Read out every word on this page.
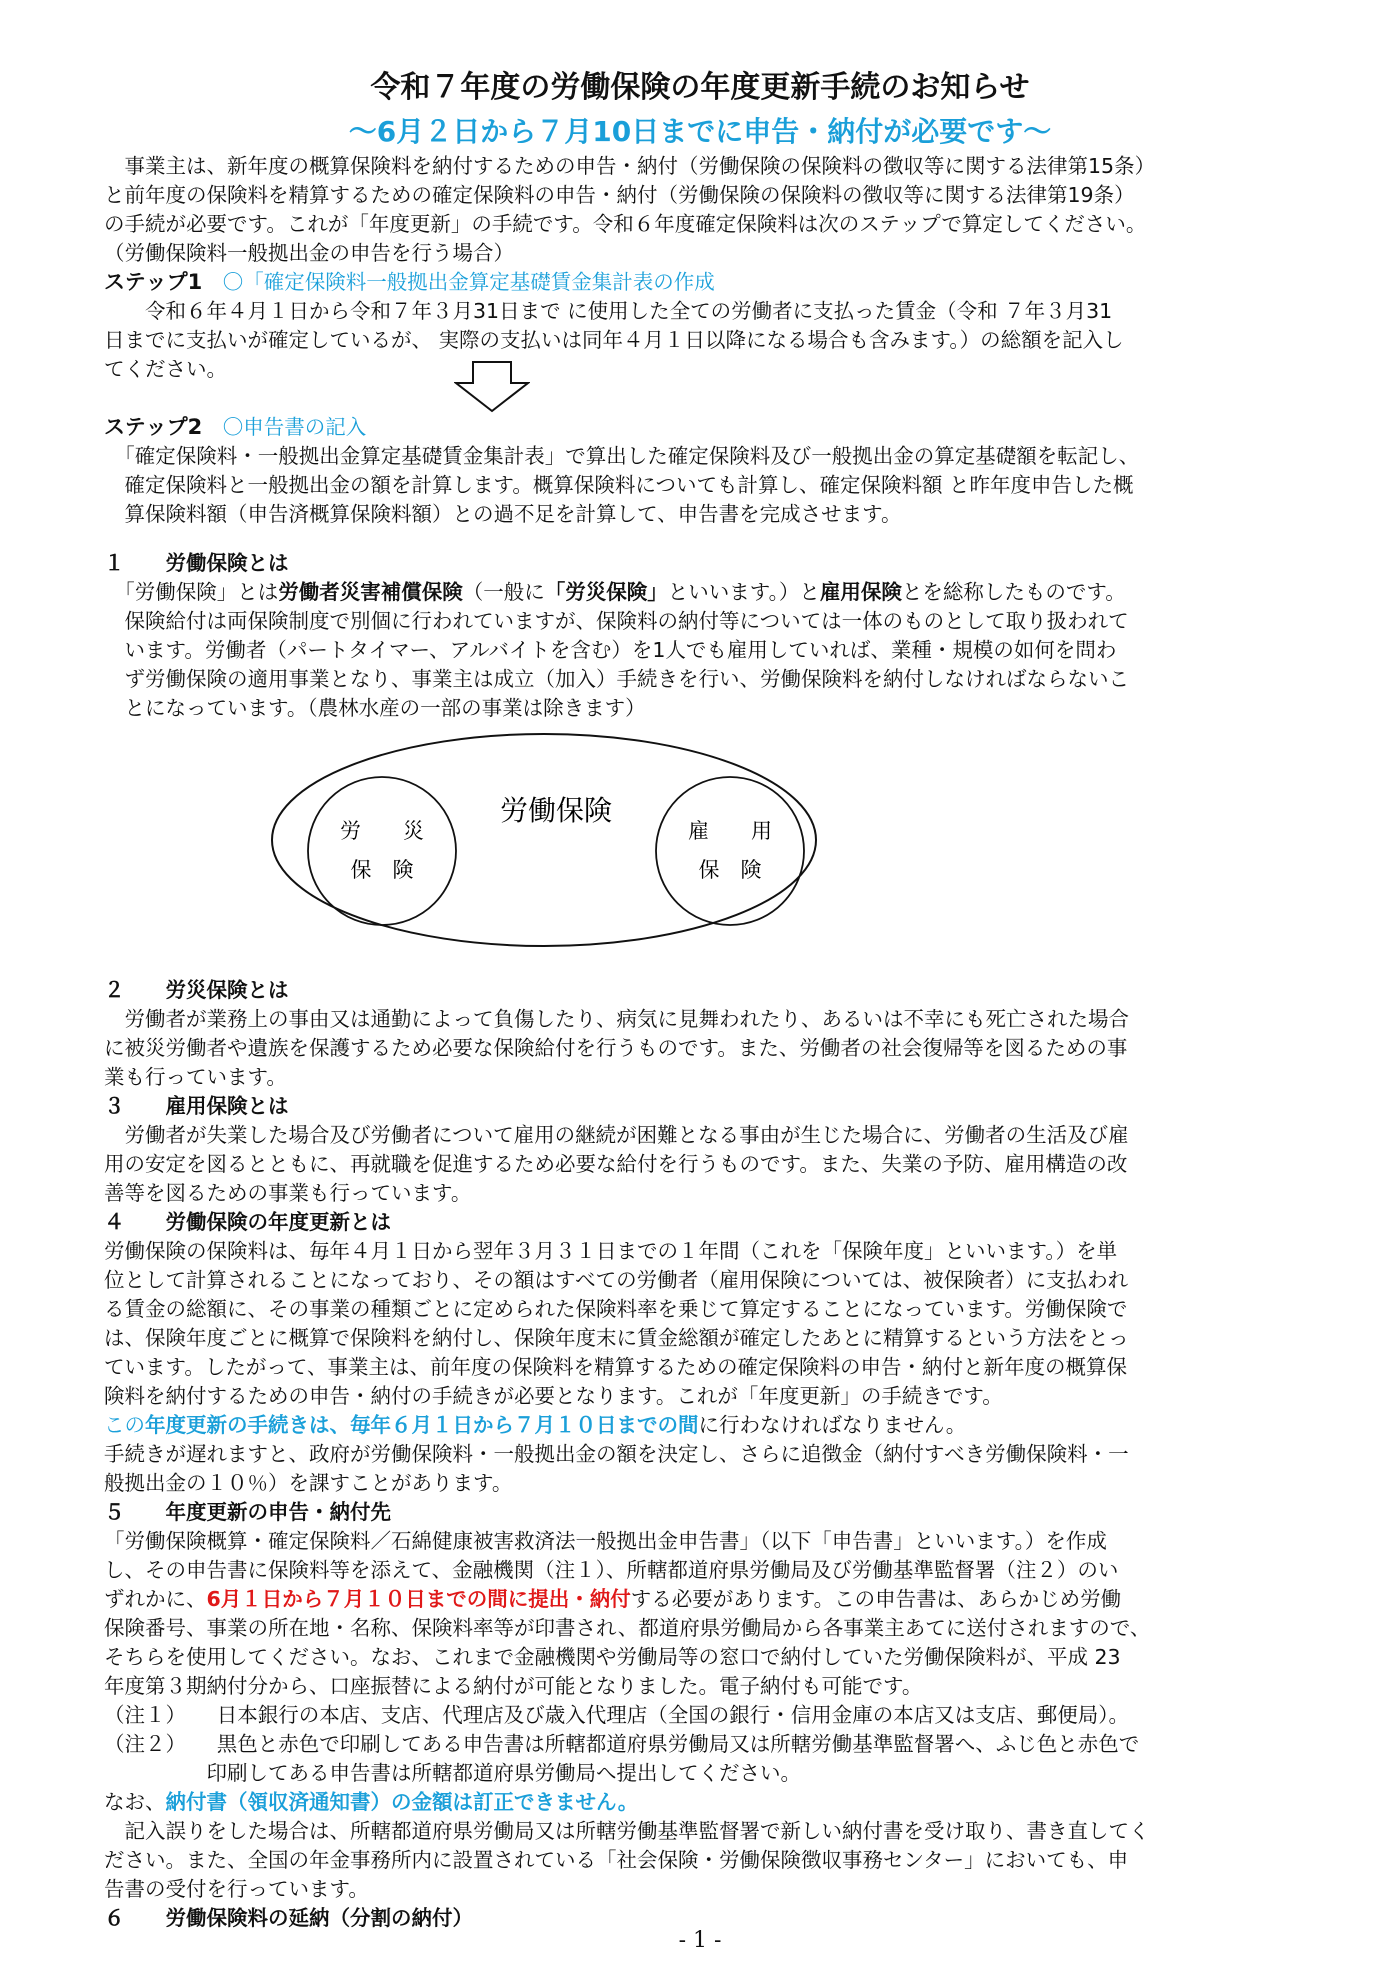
令和７年度の労働保険の年度更新手続のお知らせ
～6月２日から７月10日までに申告・納付が必要です～

　事業主は、新年度の概算保険料を納付するための申告・納付（労働保険の保険料の徴収等に関する法律第15条）

と前年度の保険料を精算するための確定保険料の申告・納付（労働保険の保険料の徴収等に関する法律第19条）

の手続が必要です。これが「年度更新」の手続です。令和６年度確定保険料は次のステップで算定してください。

（労働保険料一般拠出金の申告を行う場合）

ステップ1　 〇「確定保険料一般拠出金算定基礎賃金集計表の作成

　　令和６年４月１日から令和７年３月31日まで に使用した全ての労働者に支払った賃金（令和 ７年３月31

日までに支払いが確定しているが、 実際の支払いは同年４月１日以降になる場合も含みます。）の総額を記入し

てください。

ステップ2　 〇申告書の記入

　「確定保険料・一般拠出金算定基礎賃金集計表」で算出した確定保険料及び一般拠出金の算定基礎額を転記し、

　確定保険料と一般拠出金の額を計算します。概算保険料についても計算し、確定保険料額 と昨年度申告した概

　算保険料額（申告済概算保険料額）との過不足を計算して、申告書を完成させます。

１　　労働保険とは

　「労働保険」とは労働者災害補償保険（一般に「労災保険」といいます。）と雇用保険とを総称したものです。

　保険給付は両保険制度で別個に行われていますが、保険料の納付等については一体のものとして取り扱われて

　います。労働者（パートタイマー、アルバイトを含む）を1人でも雇用していれば、業種・規模の如何を問わ

　ず労働保険の適用事業となり、事業主は成立（加入）手続きを行い、労働保険料を納付しなければならないこ

　とになっています。（農林水産の一部の事業は除きます）

労働保険
労　　災
保　険
雇　　用
保　険

２　　労災保険とは

　労働者が業務上の事由又は通勤によって負傷したり、病気に見舞われたり、あるいは不幸にも死亡された場合

に被災労働者や遺族を保護するため必要な保険給付を行うものです。また、労働者の社会復帰等を図るための事

業も行っています。

３　　雇用保険とは

　労働者が失業した場合及び労働者について雇用の継続が困難となる事由が生じた場合に、労働者の生活及び雇

用の安定を図るとともに、再就職を促進するため必要な給付を行うものです。また、失業の予防、雇用構造の改

善等を図るための事業も行っています。

４　　労働保険の年度更新とは

労働保険の保険料は、毎年４月１日から翌年３月３１日までの１年間（これを「保険年度」といいます。）を単

位として計算されることになっており、その額はすべての労働者（雇用保険については、被保険者）に支払われ

る賃金の総額に、その事業の種類ごとに定められた保険料率を乗じて算定することになっています。労働保険で

は、保険年度ごとに概算で保険料を納付し、保険年度末に賃金総額が確定したあとに精算するという方法をとっ

ています。したがって、事業主は、前年度の保険料を精算するための確定保険料の申告・納付と新年度の概算保

険料を納付するための申告・納付の手続きが必要となります。これが「年度更新」の手続きです。

この年度更新の手続きは、毎年６月１日から７月１０日までの間に行わなければなりません。

手続きが遅れますと、政府が労働保険料・一般拠出金の額を決定し、さらに追徴金（納付すべき労働保険料・一

般拠出金の１０％）を課すことがあります。

５　　年度更新の申告・納付先

「労働保険概算・確定保険料／石綿健康被害救済法一般拠出金申告書」（以下「申告書」といいます。）を作成

し、その申告書に保険料等を添えて、金融機関（注１）、所轄都道府県労働局及び労働基準監督署（注２）のい

ずれかに、6月１日から７月１０日までの間に提出・納付する必要があります。この申告書は、あらかじめ労働

保険番号、事業の所在地・名称、保険料率等が印書され、都道府県労働局から各事業主あてに送付されますので、

そちらを使用してください。なお、これまで金融機関や労働局等の窓口で納付していた労働保険料が、平成 23

年度第３期納付分から、口座振替による納付が可能となりました。電子納付も可能です。

（注１）　　日本銀行の本店、支店、代理店及び歳入代理店（全国の銀行・信用金庫の本店又は支店、郵便局）。

（注２）　　黒色と赤色で印刷してある申告書は所轄都道府県労働局又は所轄労働基準監督署へ、ふじ色と赤色で

　　　　　印刷してある申告書は所轄都道府県労働局へ提出してください。

なお、納付書（領収済通知書）の金額は訂正できません。

　記入誤りをした場合は、所轄都道府県労働局又は所轄労働基準監督署で新しい納付書を受け取り、書き直してく

ださい。また、全国の年金事務所内に設置されている「社会保険・労働保険徴収事務センター」においても、申

告書の受付を行っています。

６　　労働保険料の延納（分割の納付）

- 1 -
